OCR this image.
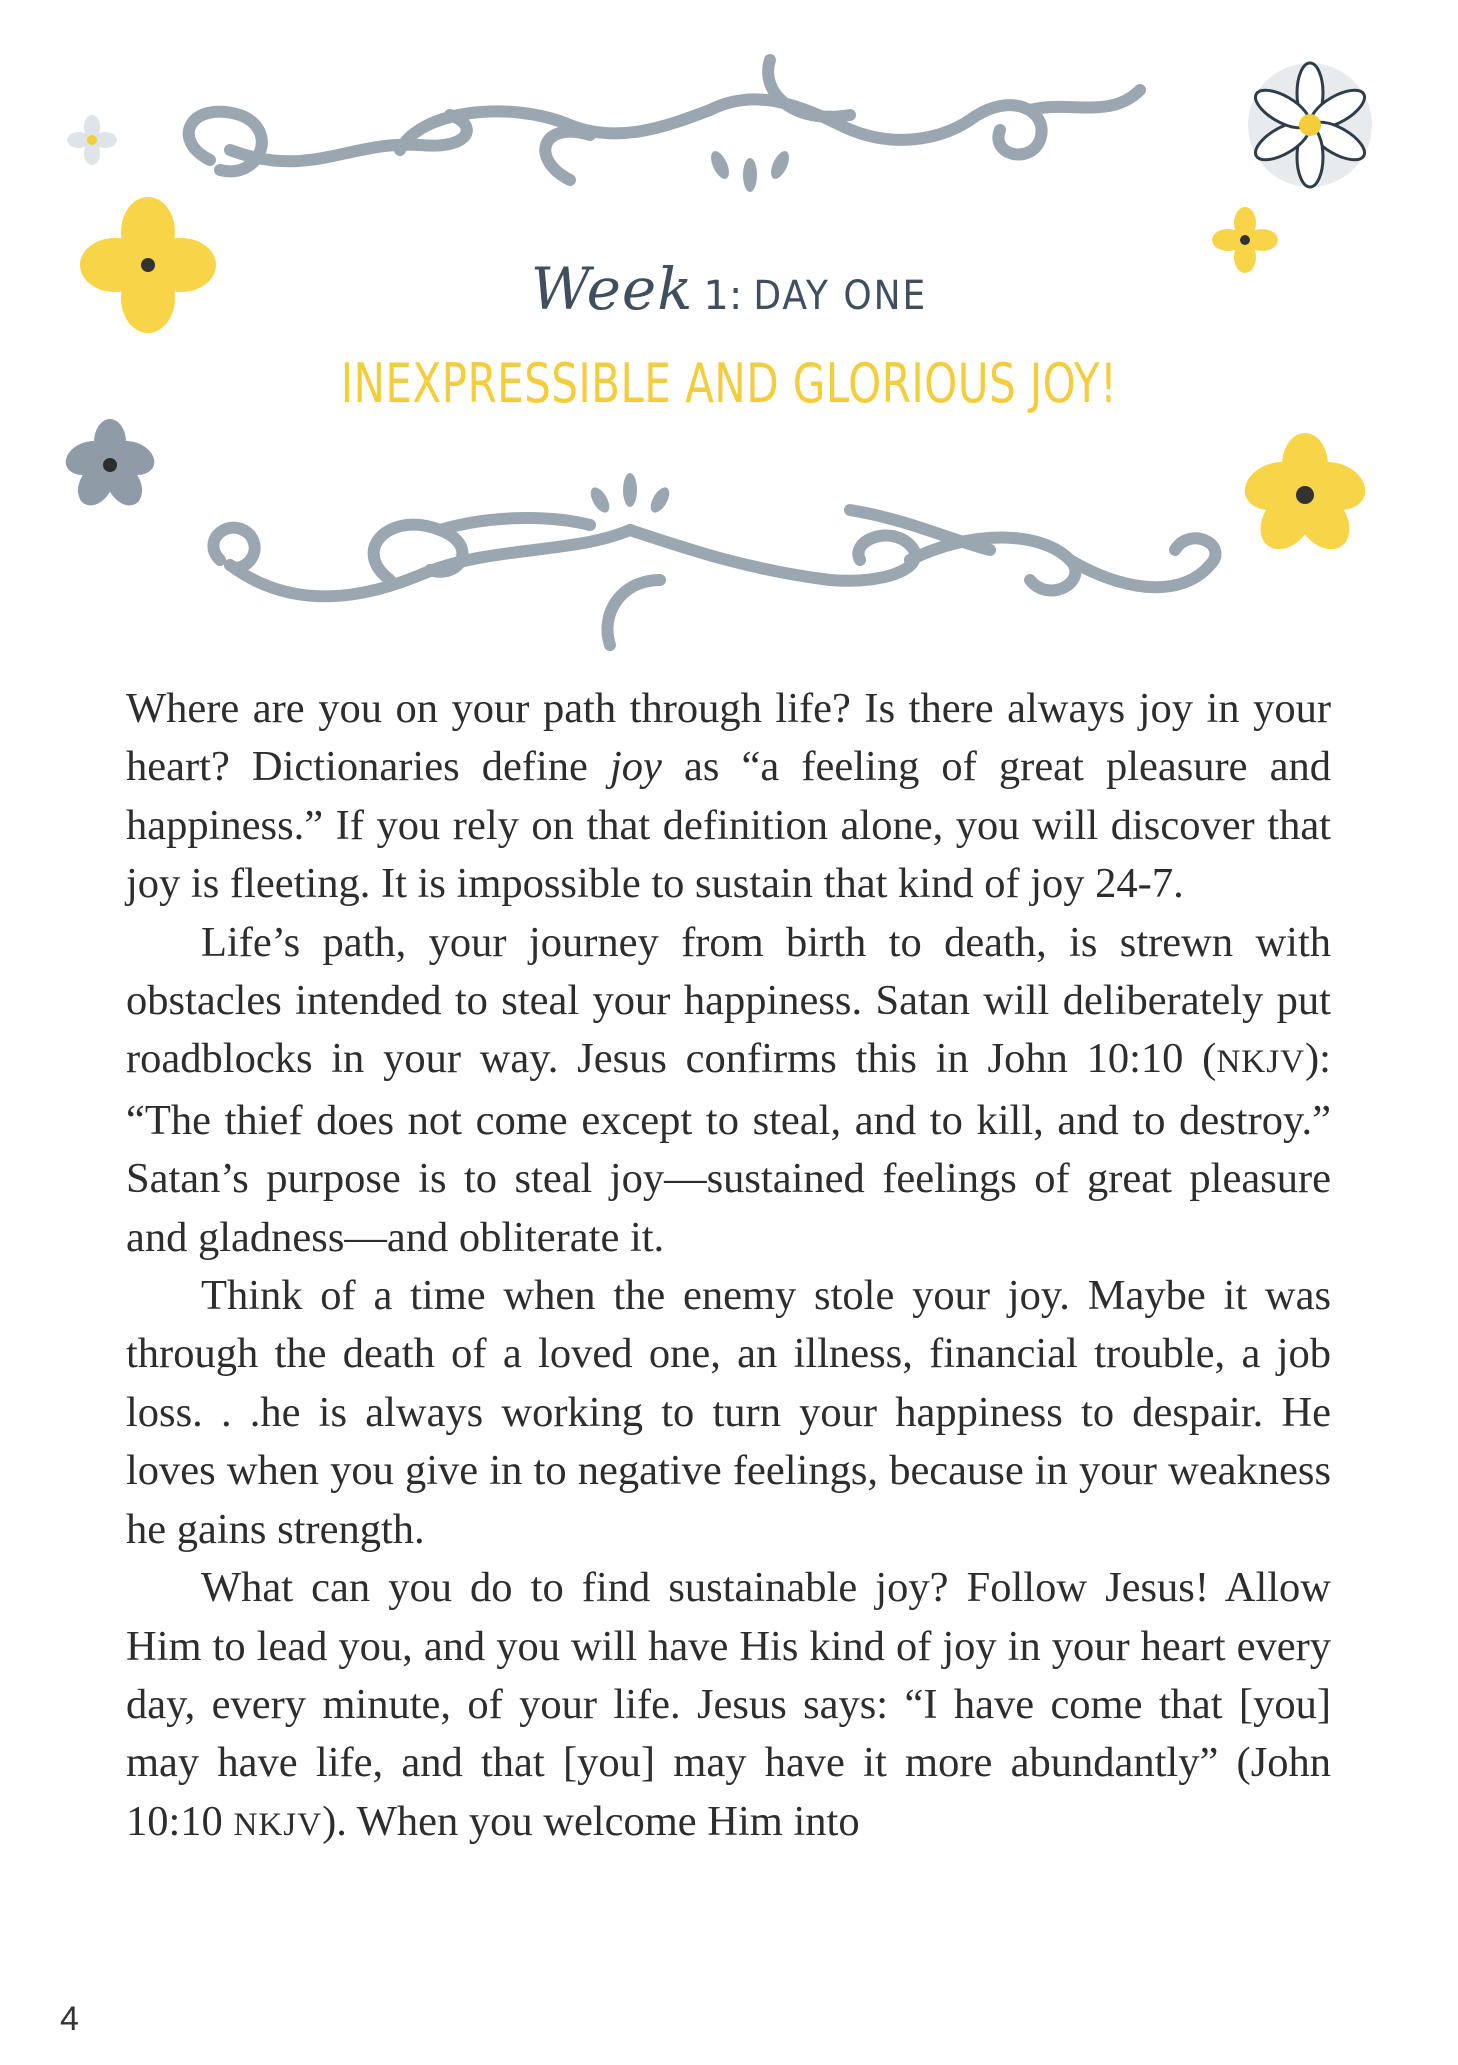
Week 1: DAY ONE
INEXPRESSIBLE AND GLORIOUS JOY!

Where are you on your path through life? Is there always joy in your heart? Dictionaries define joy as “a feeling of great pleasure and happiness.” If you rely on that definition alone, you will discover that joy is fleeting. It is impossible to sustain that kind of joy 24-7.

Life’s path, your journey from birth to death, is strewn with obstacles intended to steal your happiness. Satan will deliberately put roadblocks in your way. Jesus confirms this in John 10:10 (NKJV): “The thief does not come except to steal, and to kill, and to destroy.” Satan’s purpose is to steal joy—sustained feelings of great pleasure and gladness—and obliterate it.

Think of a time when the enemy stole your joy. Maybe it was through the death of a loved one, an illness, financial trouble, a job loss. . .he is always working to turn your happiness to despair. He loves when you give in to negative feelings, because in your weakness he gains strength.

What can you do to find sustainable joy? Follow Jesus! Allow Him to lead you, and you will have His kind of joy in your heart every day, every minute, of your life. Jesus says: “I have come that [you] may have life, and that [you] may have it more abundantly” (John 10:10 NKJV). When you welcome Him into

4
